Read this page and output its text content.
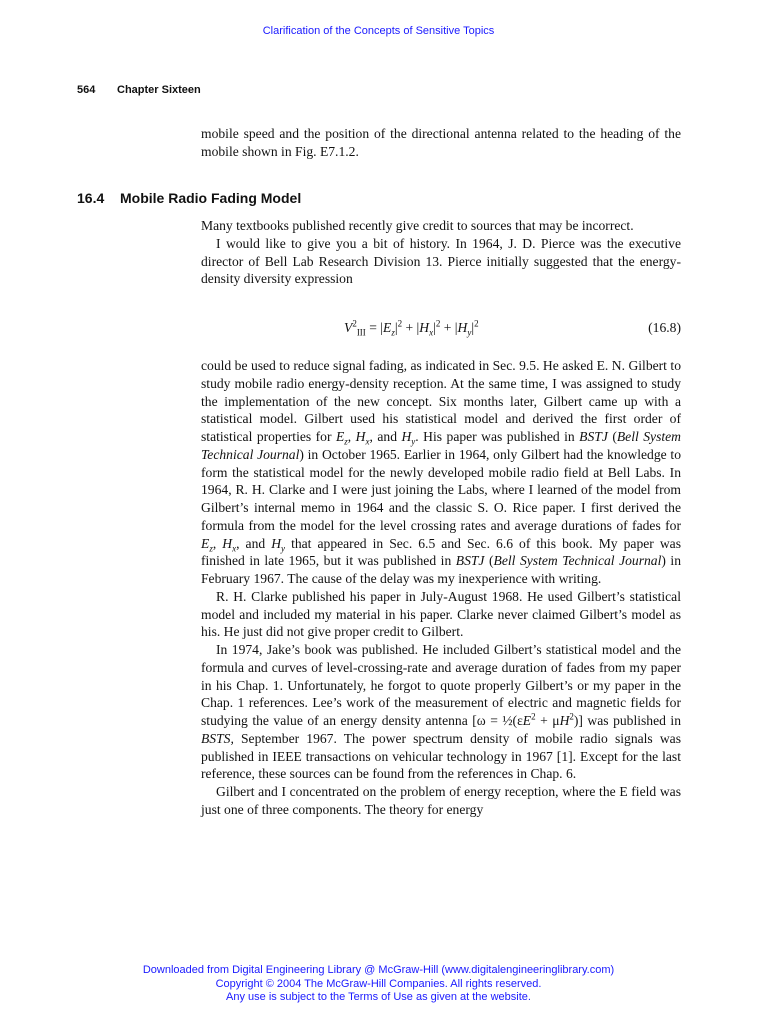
Clarification of the Concepts of Sensitive Topics
564 Chapter Sixteen

mobile speed and the position of the directional antenna related to the heading of the mobile shown in Fig. E7.1.2.

16.4 Mobile Radio Fading Model

Many textbooks published recently give credit to sources that may be incorrect.

I would like to give you a bit of history. In 1964, J. D. Pierce was the executive director of Bell Lab Research Division 13. Pierce initially suggested that the energy-density diversity expression

$V^2_{III} = |E_z|^2 + |H_x|^2 + |H_y|^2$	(16.8)

could be used to reduce signal fading, as indicated in Sec. 9.5. He asked E. N. Gilbert to study mobile radio energy-density reception. At the same time, I was assigned to study the implementation of the new concept. Six months later, Gilbert came up with a statistical model. Gilbert used his statistical model and derived the first order of statistical properties for $E_z$, $H_x$, and $H_y$. His paper was published in BSTJ (Bell System Technical Journal) in October 1965. Earlier in 1964, only Gilbert had the knowledge to form the statistical model for the newly developed mobile radio field at Bell Labs. In 1964, R. H. Clarke and I were just joining the Labs, where I learned of the model from Gilbert’s internal memo in 1964 and the classic S. O. Rice paper. I first derived the formula from the model for the level crossing rates and average durations of fades for $E_z$, $H_x$, and $H_y$ that appeared in Sec. 6.5 and Sec. 6.6 of this book. My paper was finished in late 1965, but it was published in BSTJ (Bell System Technical Journal) in February 1967. The cause of the delay was my inexperience with writing.

R. H. Clarke published his paper in July-August 1968. He used Gilbert’s statistical model and included my material in his paper. Clarke never claimed Gilbert’s model as his. He just did not give proper credit to Gilbert.

In 1974, Jake’s book was published. He included Gilbert’s statistical model and the formula and curves of level-crossing-rate and average duration of fades from my paper in his Chap. 1. Unfortunately, he forgot to quote properly Gilbert’s or my paper in the Chap. 1 references. Lee’s work of the measurement of electric and magnetic fields for studying the value of an energy density antenna $[\omega = \frac{1}{2}(\varepsilon E^2 + \mu H^2)]$ was published in BSTS, September 1967. The power spectrum density of mobile radio signals was published in IEEE transactions on vehicular technology in 1967 [1]. Except for the last reference, these sources can be found from the references in Chap. 6.

Gilbert and I concentrated on the problem of energy reception, where the E field was just one of three components. The theory for energy

Downloaded from Digital Engineering Library @ McGraw-Hill (www.digitalengineeringlibrary.com)
Copyright © 2004 The McGraw-Hill Companies. All rights reserved.
Any use is subject to the Terms of Use as given at the website.
